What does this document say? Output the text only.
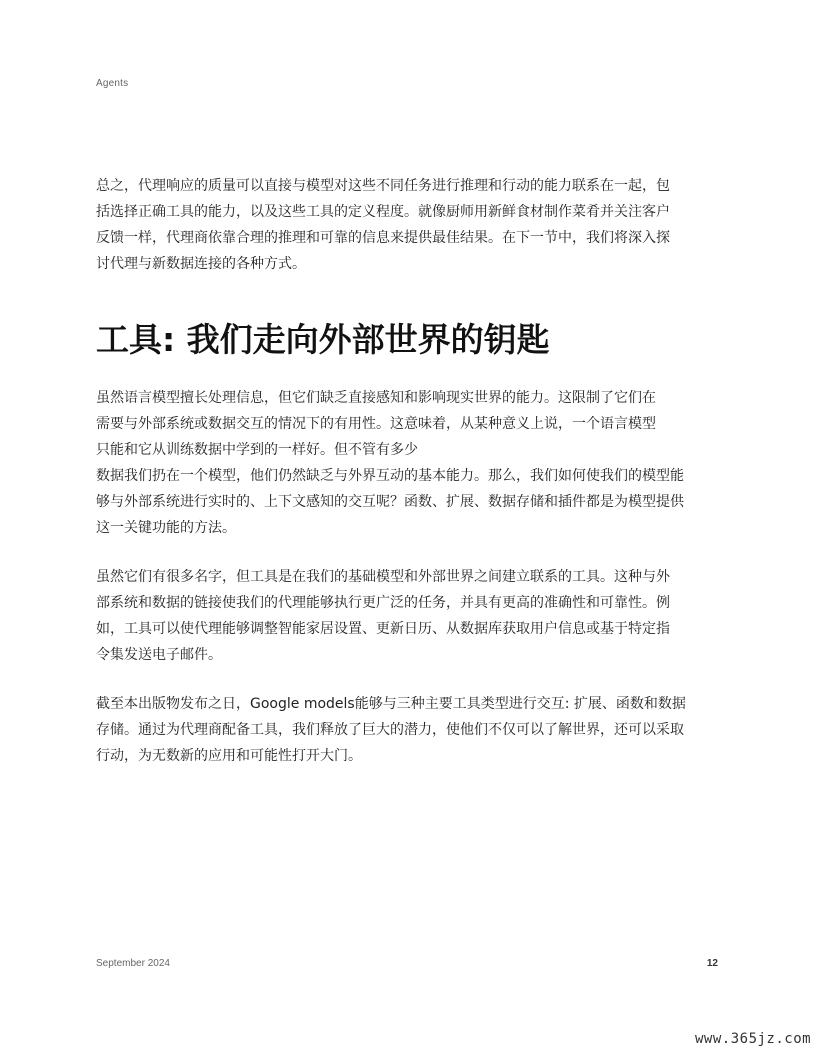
Agents
总之，代理响应的质量可以直接与模型对这些不同任务进行推理和行动的能力联系在一起，包
括选择正确工具的能力，以及这些工具的定义程度。就像厨师用新鲜食材制作菜肴并关注客户
反馈一样，代理商依靠合理的推理和可靠的信息来提供最佳结果。在下一节中，我们将深入探
讨代理与新数据连接的各种方式。
工具: 我们走向外部世界的钥匙
虽然语言模型擅长处理信息，但它们缺乏直接感知和影响现实世界的能力。这限制了它们在
需要与外部系统或数据交互的情况下的有用性。这意味着，从某种意义上说，一个语言模型
只能和它从训练数据中学到的一样好。但不管有多少
数据我们扔在一个模型，他们仍然缺乏与外界互动的基本能力。那么，我们如何使我们的模型能
够与外部系统进行实时的、上下文感知的交互呢？函数、扩展、数据存储和插件都是为模型提供
这一关键功能的方法。
虽然它们有很多名字，但工具是在我们的基础模型和外部世界之间建立联系的工具。这种与外
部系统和数据的链接使我们的代理能够执行更广泛的任务，并具有更高的准确性和可靠性。例
如，工具可以使代理能够调整智能家居设置、更新日历、从数据库获取用户信息或基于特定指
令集发送电子邮件。
截至本出版物发布之日，Google models能够与三种主要工具类型进行交互: 扩展、函数和数据
存储。通过为代理商配备工具，我们释放了巨大的潜力，使他们不仅可以了解世界，还可以采取
行动，为无数新的应用和可能性打开大门。
September 2024	12
www.365jz.com
